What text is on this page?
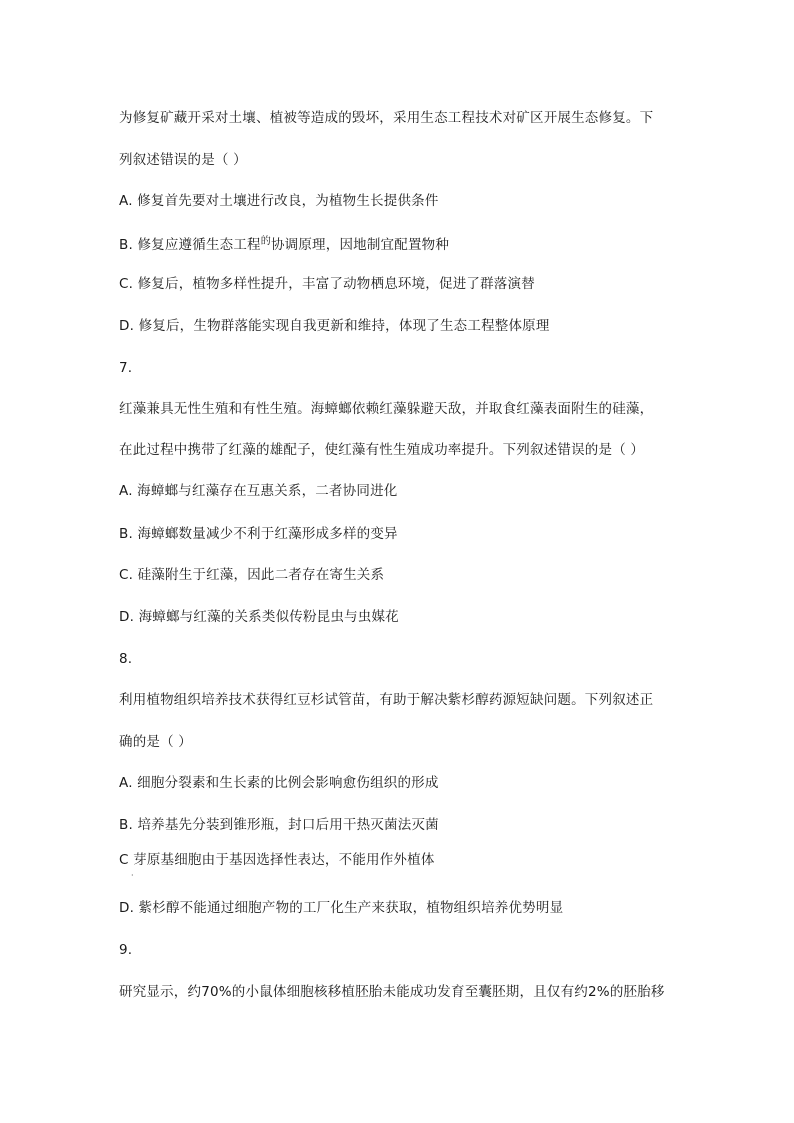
为修复矿藏开采对土壤、植被等造成的毁坏，采用生态工程技术对矿区开展生态修复。下
列叙述错误的是（ ）
A. 修复首先要对土壤进行改良，为植物生长提供条件
B. 修复应遵循生态工程$^的$协调原理，因地制宜配置物种
C. 修复后，植物多样性提升，丰富了动物栖息环境，促进了群落演替
D. 修复后，生物群落能实现自我更新和维持，体现了生态工程整体原理
7.
红藻兼具无性生殖和有性生殖。海蟑螂依赖红藻躲避天敌，并取食红藻表面附生的硅藻，
在此过程中携带了红藻的雄配子，使红藻有性生殖成功率提升。下列叙述错误的是（ ）
A. 海蟑螂与红藻存在互惠关系，二者协同进化
B. 海蟑螂数量减少不利于红藻形成多样的变异
C. 硅藻附生于红藻，因此二者存在寄生关系
D. 海蟑螂与红藻的关系类似传粉昆虫与虫媒花
8.
利用植物组织培养技术获得红豆杉试管苗，有助于解决紫杉醇药源短缺问题。下列叙述正
确的是（ ）
A. 细胞分裂素和生长素的比例会影响愈伤组织的形成
B. 培养基先分装到锥形瓶，封口后用干热灭菌法灭菌
C 芽原基细胞由于基因选择性表达，不能用作外植体
·
D. 紫杉醇不能通过细胞产物的工厂化生产来获取，植物组织培养优势明显
9.
研究显示，约70%的小鼠体细胞核移植胚胎未能成功发育至囊胚期，且仅有约2%的胚胎移
